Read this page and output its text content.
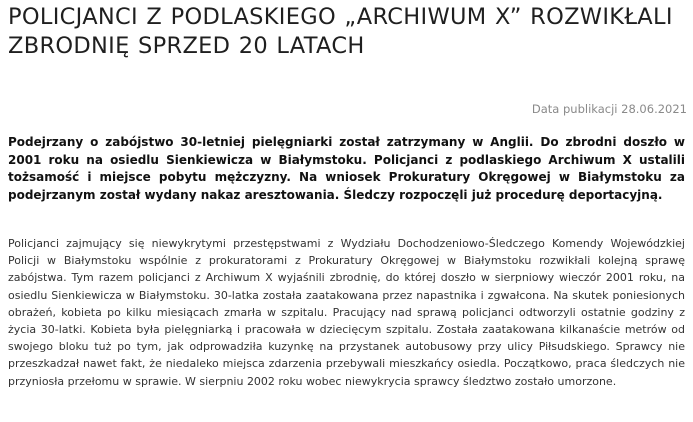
POLICJANCI Z PODLASKIEGO „ARCHIWUM X” ROZWIKŁALI ZBRODNIĘ SPRZED 20 LATACH
Data publikacji 28.06.2021

Podejrzany o zabójstwo 30-letniej pielęgniarki został zatrzymany w Anglii. Do zbrodni doszło w 2001 roku na osiedlu Sienkiewicza w Białymstoku. Policjanci z podlaskiego Archiwum X ustalili tożsamość i miejsce pobytu mężczyzny. Na wniosek Prokuratury Okręgowej w Białymstoku za podejrzanym został wydany nakaz aresztowania. Śledczy rozpoczęli już procedurę deportacyjną.

Policjanci zajmujący się niewykrytymi przestępstwami z Wydziału Dochodzeniowo-Śledczego Komendy Wojewódzkiej Policji w Białymstoku wspólnie z prokuratorami z Prokuratury Okręgowej w Białymstoku rozwikłali kolejną sprawę zabójstwa. Tym razem policjanci z Archiwum X wyjaśnili zbrodnię, do której doszło w sierpniowy wieczór 2001 roku, na osiedlu Sienkiewicza w Białymstoku. 30-latka została zaatakowana przez napastnika i zgwałcona. Na skutek poniesionych obrażeń, kobieta po kilku miesiącach zmarła w szpitalu. Pracujący nad sprawą policjanci odtworzyli ostatnie godziny z życia 30-latki. Kobieta była pielęgniarką i pracowała w dziecięcym szpitalu. Została zaatakowana kilkanaście metrów od swojego bloku tuż po tym, jak odprowadziła kuzynkę na przystanek autobusowy przy ulicy Piłsudskiego. Sprawcy nie przeszkadzał nawet fakt, że niedaleko miejsca zdarzenia przebywali mieszkańcy osiedla. Początkowo, praca śledczych nie przyniosła przełomu w sprawie. W sierpniu 2002 roku wobec niewykrycia sprawcy śledztwo zostało umorzone.
